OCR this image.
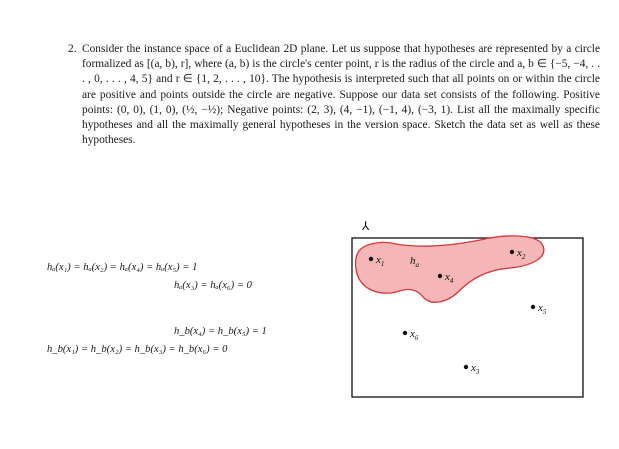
2. Consider the instance space of a Euclidean 2D plane. Let us suppose that hypotheses are represented by a circle formalized as [(a, b), r], where (a, b) is the circle's center point, r is the radius of the circle and a, b ∈ {−5, −4, . . . , 0, . . . , 4, 5} and r ∈ {1, 2, . . . , 10}. The hypothesis is interpreted such that all points on or within the circle are positive and points outside the circle are negative. Suppose our data set consists of the following. Positive points: (0, 0), (1, 0), (½, −½); Negative points: (2, 3), (4, −1), (−1, 4), (−3, 1). List all the maximally specific hypotheses and all the maximally general hypotheses in the version space. Sketch the data set as well as these hypotheses.
hₐ(x₁) = hₐ(x₂) = hₐ(x₄) = hₐ(x₅) = 1
hₐ(x₃) = hₐ(x₆) = 0
h_b(x₄) = h_b(x₅) = 1
h_b(x₁) = h_b(x₂) = h_b(x₃) = h_b(x₆) = 0
⅄
$h_a$
$x_1$
$x_2$
$x_3$
$x_4$
$x_5$
$x_6$
